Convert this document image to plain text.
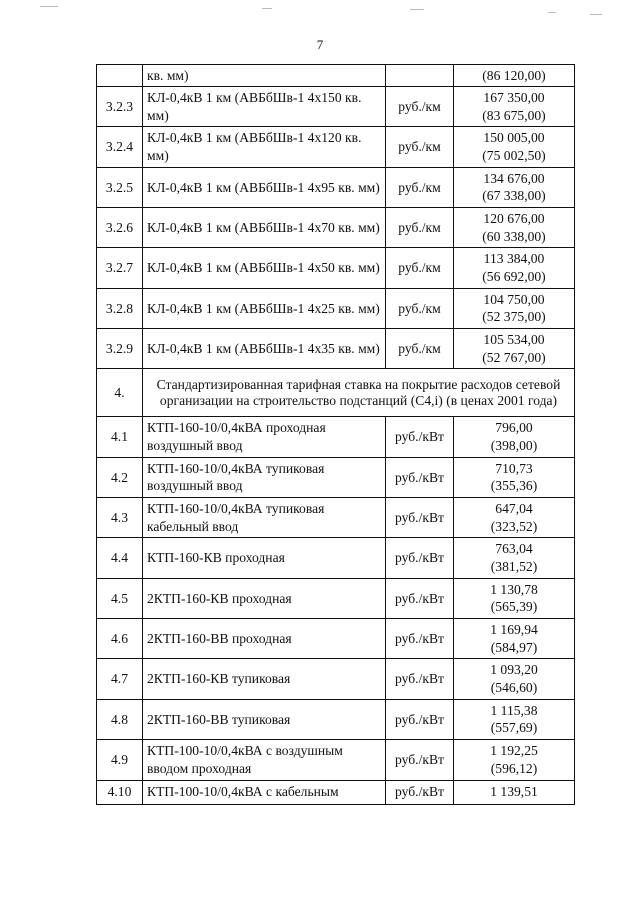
7
	кв. мм)		(86 120,00)
3.2.3	КЛ-0,4кВ 1 км (АВБбШв-1 4х150 кв. мм)	руб./км	167 350,00
(83 675,00)

3.2.4	КЛ-0,4кВ 1 км (АВБбШв-1 4х120 кв. мм)	руб./км	150 005,00
(75 002,50)

3.2.5	КЛ-0,4кВ 1 км (АВБбШв-1 4х95 кв. мм)	руб./км	134 676,00
(67 338,00)

3.2.6	КЛ-0,4кВ 1 км (АВБбШв-1 4х70 кв. мм)	руб./км	120 676,00
(60 338,00)

3.2.7	КЛ-0,4кВ 1 км (АВБбШв-1 4х50 кв. мм)	руб./км	113 384,00
(56 692,00)

3.2.8	КЛ-0,4кВ 1 км (АВБбШв-1 4х25 кв. мм)	руб./км	104 750,00
(52 375,00)

3.2.9	КЛ-0,4кВ 1 км (АВБбШв-1 4х35 кв. мм)	руб./км	105 534,00
(52 767,00)

4.	Стандартизированная тарифная ставка на покрытие расходов сетевой организации на строительство подстанций (С4,i) (в ценах 2001 года)		
4.1	КТП-160-10/0,4кВА проходная воздушный ввод	руб./кВт	796,00
(398,00)

4.2	КТП-160-10/0,4кВА тупиковая воздушный ввод	руб./кВт	710,73
(355,36)

4.3	КТП-160-10/0,4кВА тупиковая кабельный ввод	руб./кВт	647,04
(323,52)

4.4	КТП-160-КВ проходная	руб./кВт	763,04
(381,52)

4.5	2КТП-160-КВ проходная	руб./кВт	1 130,78
(565,39)

4.6	2КТП-160-ВВ проходная	руб./кВт	1 169,94
(584,97)

4.7	2КТП-160-КВ тупиковая	руб./кВт	1 093,20
(546,60)

4.8	2КТП-160-ВВ тупиковая	руб./кВт	1 115,38
(557,69)

4.9	КТП-100-10/0,4кВА с воздушным вводом проходная	руб./кВт	1 192,25
(596,12)

4.10	КТП-100-10/0,4кВА с кабельным	руб./кВт	1 139,51
